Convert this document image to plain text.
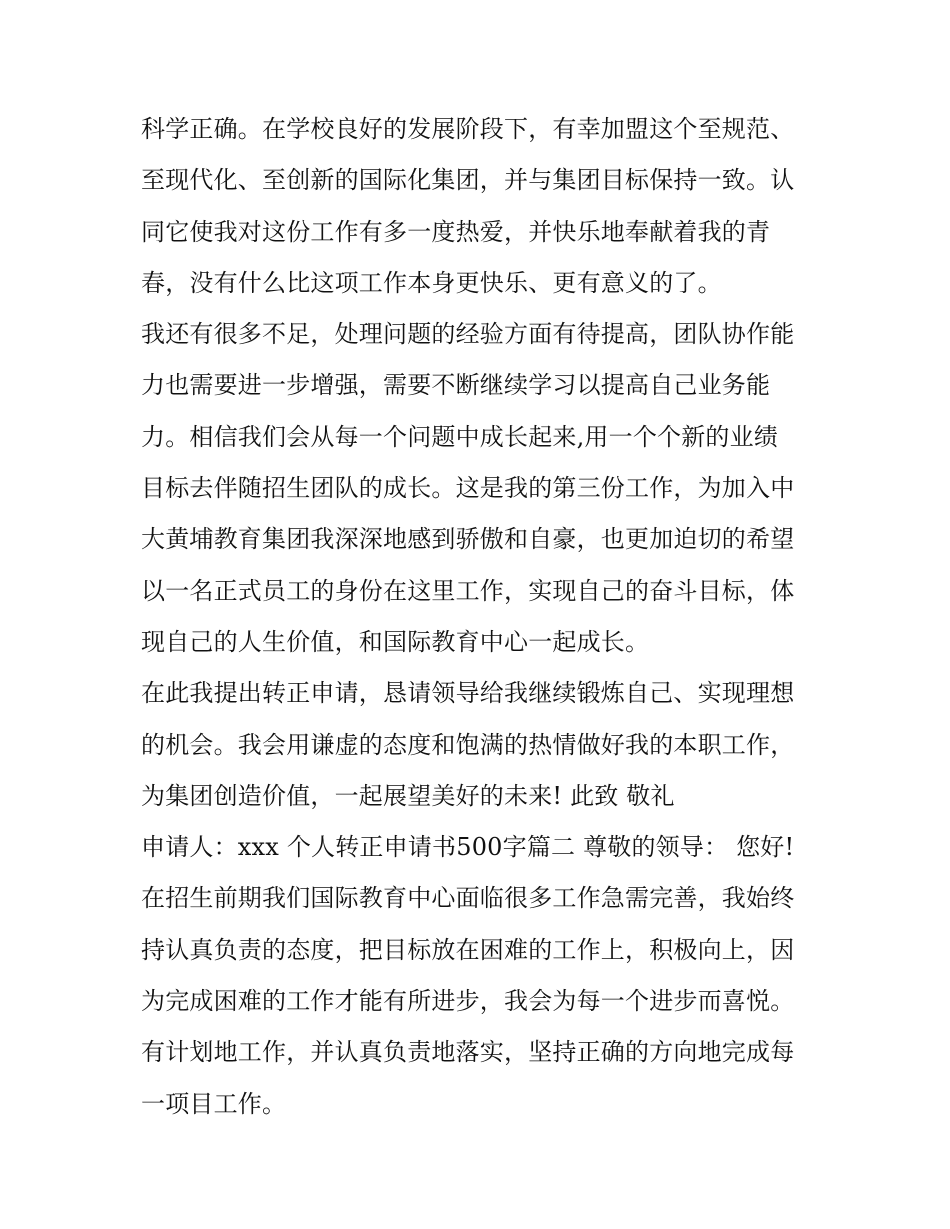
科学正确。在学校良好的发展阶段下，有幸加盟这个至规范、
至现代化、至创新的国际化集团，并与集团目标保持一致。认
同它使我对这份工作有多一度热爱，并快乐地奉献着我的青
春，没有什么比这项工作本身更快乐、更有意义的了。
我还有很多不足，处理问题的经验方面有待提高，团队协作能
力也需要进一步增强，需要不断继续学习以提高自己业务能
力。相信我们会从每一个问题中成长起来,用一个个新的业绩
目标去伴随招生团队的成长。这是我的第三份工作，为加入中
大黄埔教育集团我深深地感到骄傲和自豪，也更加迫切的希望
以一名正式员工的身份在这里工作，实现自己的奋斗目标，体
现自己的人生价值，和国际教育中心一起成长。
在此我提出转正申请，恳请领导给我继续锻炼自己、实现理想
的机会。我会用谦虚的态度和饱满的热情做好我的本职工作，
为集团创造价值，一起展望美好的未来! 此致 敬礼
申请人：xxx 个人转正申请书500字篇二 尊敬的领导： 您好!
在招生前期我们国际教育中心面临很多工作急需完善，我始终
持认真负责的态度，把目标放在困难的工作上，积极向上，因
为完成困难的工作才能有所进步，我会为每一个进步而喜悦。
有计划地工作，并认真负责地落实，坚持正确的方向地完成每
一项目工作。
